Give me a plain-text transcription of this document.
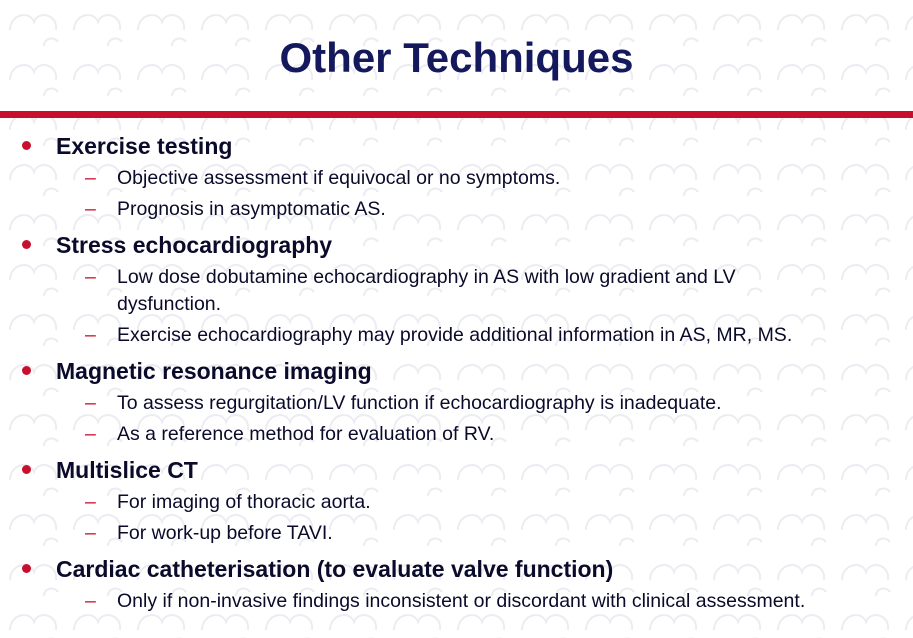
Other Techniques
Exercise testing
– Objective assessment if equivocal or no symptoms.
– Prognosis in asymptomatic AS.
Stress echocardiography
– Low dose dobutamine echocardiography in AS with low gradient and LV dysfunction.
– Exercise echocardiography may provide additional information in AS, MR, MS.
Magnetic resonance imaging
– To assess regurgitation/LV function if echocardiography is inadequate.
– As a reference method for evaluation of RV.
Multislice CT
– For imaging of thoracic aorta.
– For work-up before TAVI.
Cardiac catheterisation (to evaluate valve function)
– Only if non-invasive findings inconsistent or discordant with clinical assessment.
